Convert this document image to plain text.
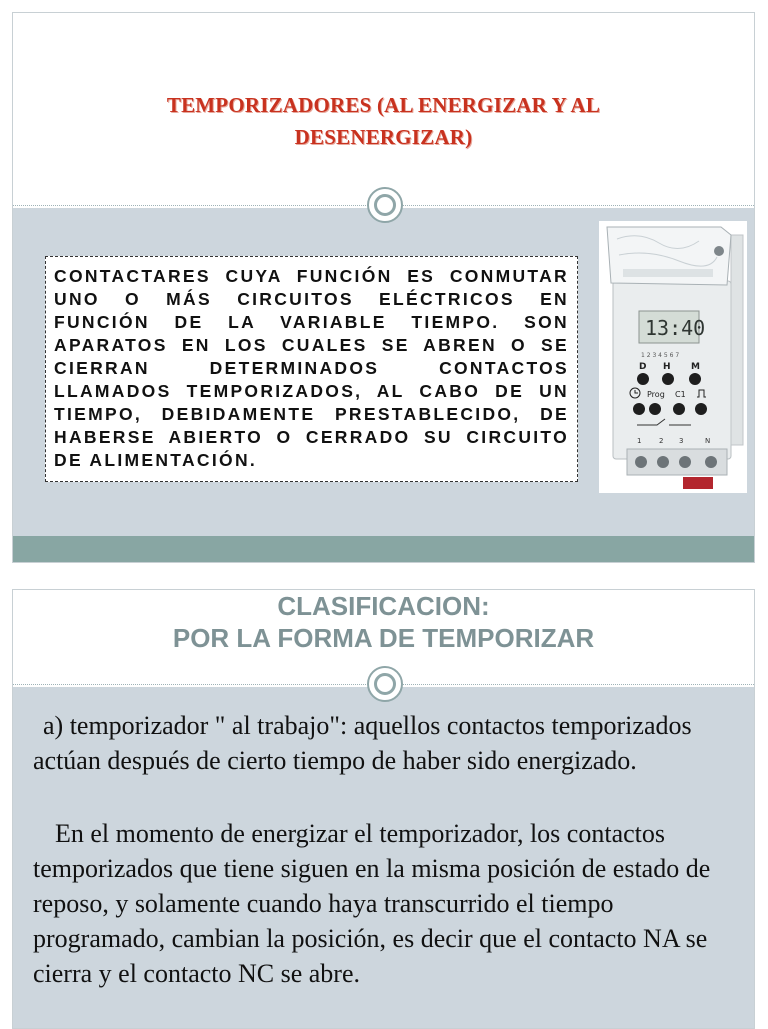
TEMPORIZADORES (AL ENERGIZAR Y AL
DESENERGIZAR)
CONTACTARES CUYA FUNCIÓN ES CONMUTAR UNO O MÁS CIRCUITOS ELÉCTRICOS EN FUNCIÓN DE LA VARIABLE TIEMPO. SON APARATOS EN LOS CUALES SE ABREN O SE CIERRAN DETERMINADOS CONTACTOS LLAMADOS TEMPORIZADOS, AL CABO DE UN TIEMPO, DEBIDAMENTE PRESTABLECIDO, DE HABERSE ABIERTO O CERRADO SU CIRCUITO DE ALIMENTACIÓN.
13:40
1 2 3 4 5 6 7
D H M
Prog C1
1	2 3	N
CLASIFICACION:
POR LA FORMA DE TEMPORIZAR
a) temporizador " al trabajo": aquellos contactos temporizados actúan después de cierto tiempo de haber sido energizado.
En el momento de energizar el temporizador, los contactos temporizados que tiene siguen en la misma posición de estado de reposo, y solamente cuando haya transcurrido el tiempo programado, cambian la posición, es decir que el contacto NA se cierra y el contacto NC se abre.
